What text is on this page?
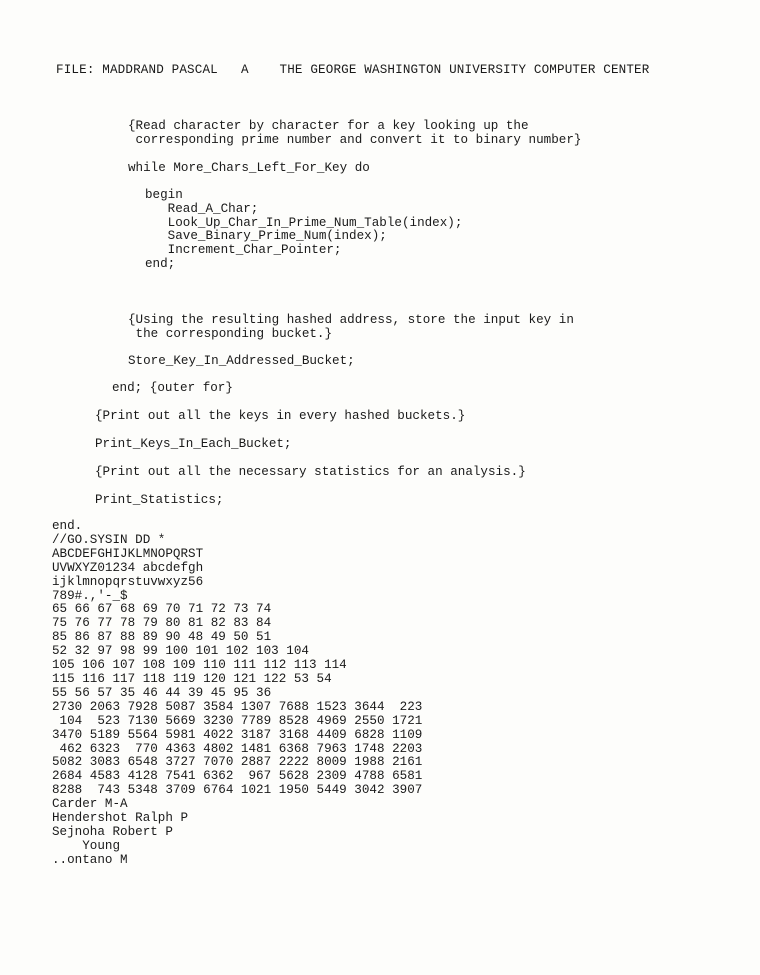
FILE: MADDRAND PASCAL   A    THE GEORGE WASHINGTON UNIVERSITY COMPUTER CENTER
{Read character by character for a key looking up the
corresponding prime number and convert it to binary number}
while More_Chars_Left_For_Key do
begin
Read_A_Char;
Look_Up_Char_In_Prime_Num_Table(index);
Save_Binary_Prime_Num(index);
Increment_Char_Pointer;
end;
{Using the resulting hashed address, store the input key in
the corresponding bucket.}
Store_Key_In_Addressed_Bucket;
end; {outer for}
{Print out all the keys in every hashed buckets.}
Print_Keys_In_Each_Bucket;
{Print out all the necessary statistics for an analysis.}
Print_Statistics;
end.
//GO.SYSIN DD *
ABCDEFGHIJKLMNOPQRST
UVWXYZ01234 abcdefgh
ijklmnopqrstuvwxyz56
789#.,'-_$
65 66 67 68 69 70 71 72 73 74
75 76 77 78 79 80 81 82 83 84
85 86 87 88 89 90 48 49 50 51
52 32 97 98 99 100 101 102 103 104
105 106 107 108 109 110 111 112 113 114
115 116 117 118 119 120 121 122 53 54
55 56 57 35 46 44 39 45 95 36
2730 2063 7928 5087 3584 1307 7688 1523 3644  223
104  523 7130 5669 3230 7789 8528 4969 2550 1721
3470 5189 5564 5981 4022 3187 3168 4409 6828 1109
462 6323  770 4363 4802 1481 6368 7963 1748 2203
5082 3083 6548 3727 7070 2887 2222 8009 1988 2161
2684 4583 4128 7541 6362  967 5628 2309 4788 6581
8288  743 5348 3709 6764 1021 1950 5449 3042 3907
Carder M-A
Hendershot Ralph P
Sejnoha Robert P
Young
..ontano M
